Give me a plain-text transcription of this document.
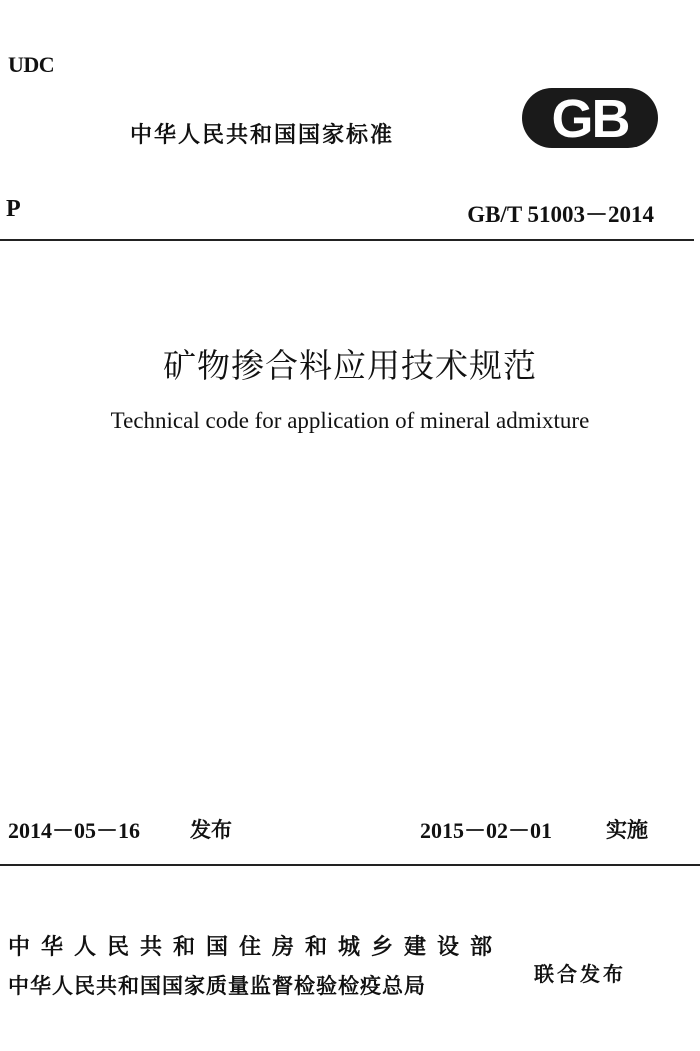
UDC
中华人民共和国国家标准	GB
P	GB/T 51003－2014
矿物掺合料应用技术规范
Technical code for application of mineral admixture
2014－05－16 发布	2015－02－01	实施
中华人民共和国住房和城乡建设部
中华人民共和国国家质量监督检验检疫总局	联合发布
